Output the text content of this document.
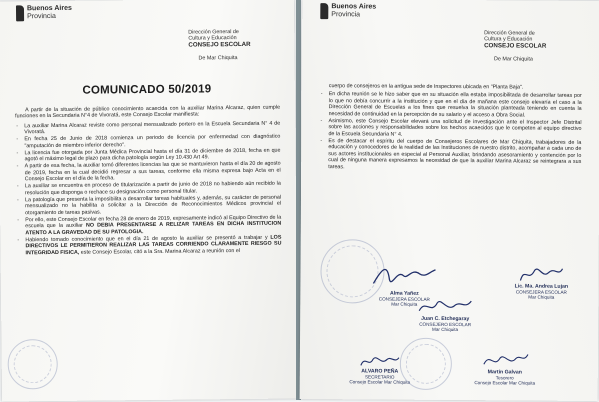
Buenos Aires
Provincia
Dirección General de
Cultura y Educación
CONSEJO ESCOLAR
De Mar Chiquita
COMUNICADO 50/2019

A partir de la situación de público conocimiento acaecida con la auxiliar Marina Alcaraz, quien cumple funciones en la Secundaria N°4 de Vivoratá, este Consejo Escolar manifiesta:

- La auxiliar Marina Alcaraz reviste como personal mensualizado portero en la Escuela Secundaria N° 4 de Vivoratá.
- En fecha 25 de Junio de 2018 comienza un periodo de licencia por enfermedad con diagnóstico "amputación de miembro inferior derecho".
- La licencia fue otorgada por Junta Médica Provincial hasta el día 31 de diciembre de 2018, fecha en que agotó el máximo legal de plazo para dicha patología según Ley 10.430 Art 49.
- A partir de esa fecha, la auxiliar tomó diferentes licencias las que se mantuvieron hasta el día 20 de agosto de 2019, fecha en la cual decidió regresar a sus tareas, conforme ella misma expresa bajo Acta en el Consejo Escolar en el día de la fecha.
- La auxiliar se encuentra en proceso de titularización a partir de junio de 2018 no habiendo aún recibido la resolución que disponga o rechace su designación como personal titular.
- La patología que presenta la imposibilita a desarrollar tareas habituales y, además, su carácter de personal mensualizado no la habilita a solicitar a la Dirección de Reconocimientos Médicos provincial el otorgamiento de tareas pasivas.
- Por ello, este Consejo Escolar en fecha 28 de enero de 2019, expresamente indicó al Equipo Directivo de la escuela que la auxiliar NO DEBIA PRESENTARSE A RELIZAR TAREAS EN DICHA INSTITUCION ATENTO A LA GRAVEDAD DE SU PATOLOGIA.
- Habiendo tomado conocimiento que en el día 21 de agosto la auxiliar se presentó a trabajar y LOS DIRECTIVOS LE PERMITIERON REALIZAR LAS TAREAS CORRIENDO CLARAMENTE RIESGO SU INTEGRIDAD FISICA, este Consejo Escolar, citó a la Sra. Marina Alcaraz a reunión con el
Buenos Aires
Provincia
Dirección General de
Cultura y Educación
CONSEJO ESCOLAR
De Mar Chiquita

cuerpo de consejeros en la antigua sede de Inspectores ubicada en "Planta Baja".

- En dicha reunión se le hizo saber que en su situación ella estaba imposibilitada de desarrollar tareas por lo que no debía concurrir a la institución y que en el día de mañana este consejo elevaría el caso a la Dirección General de Escuelas a los fines que resuelva la situación planteada teniendo en cuenta la necesidad de continuidad en la percepción de su salario y el acceso a Obra Social.
- Asimismo, este Consejo Escolar elevará una solicitud de investigación ante el Inspector Jefe Distrital sobre las acciones y responsabilidades sobre los hechos acaecidos que le competen al equipo directivo de la Escuela Secundaria N° 4.
- Es de destacar el espíritu del cuerpo de Consejeros Escolares de Mar Chiquita, trabajadores de la educación y conocedores de la realidad de las Instituciones de nuestro distrito, acompañar a cada uno de sus actores institucionales en especial al Personal Auxiliar, brindando asesoramiento y contención por lo cual de ninguna manera expresamos la necesidad de que la auxiliar Marina Alcaraz se reintegrara a sus tareas.
Alma Yañez
CONSEJERA ESCOLAR
Mar Chiquita
Juan C. Etchegaray
CONSEJERO ESCOLAR
Mar Chiquita
Lic. Ma. Andrea Lujan
CONSEJERA ESCOLAR
Mar Chiquita
ALVARO PEÑA
SECRETARIO
Consejo Escolar Mar Chiquita
Martín Galvan
Tesorero
Consejo Escolar Mar Chiquita
